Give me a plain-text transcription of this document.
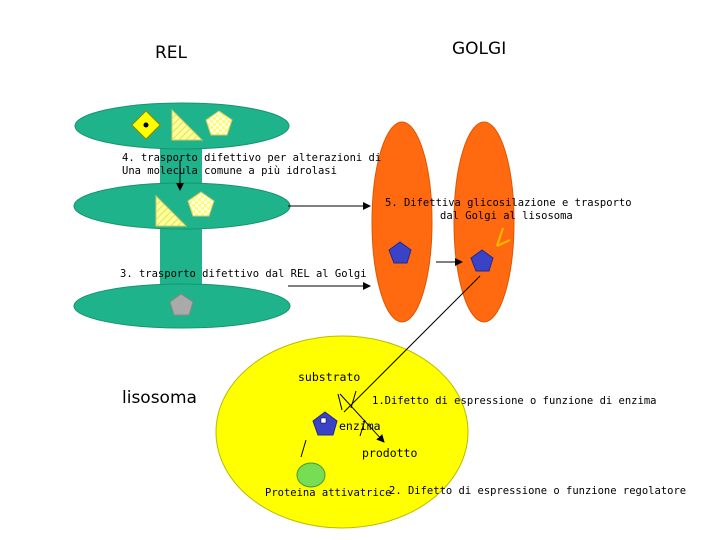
REL	GOLGI
lisosoma
4. trasporto difettivo per alterazioni di
Una molecula comune a più idrolasi
5. Difettiva glicosilazione e trasporto
dal Golgi al lisosoma
3. trasporto difettivo dal REL al Golgi
substrato
1.Difetto di espressione o funzione di enzima
enzima
prodotto
Proteina attivatrice
2. Difetto di espressione o funzione regolatore
